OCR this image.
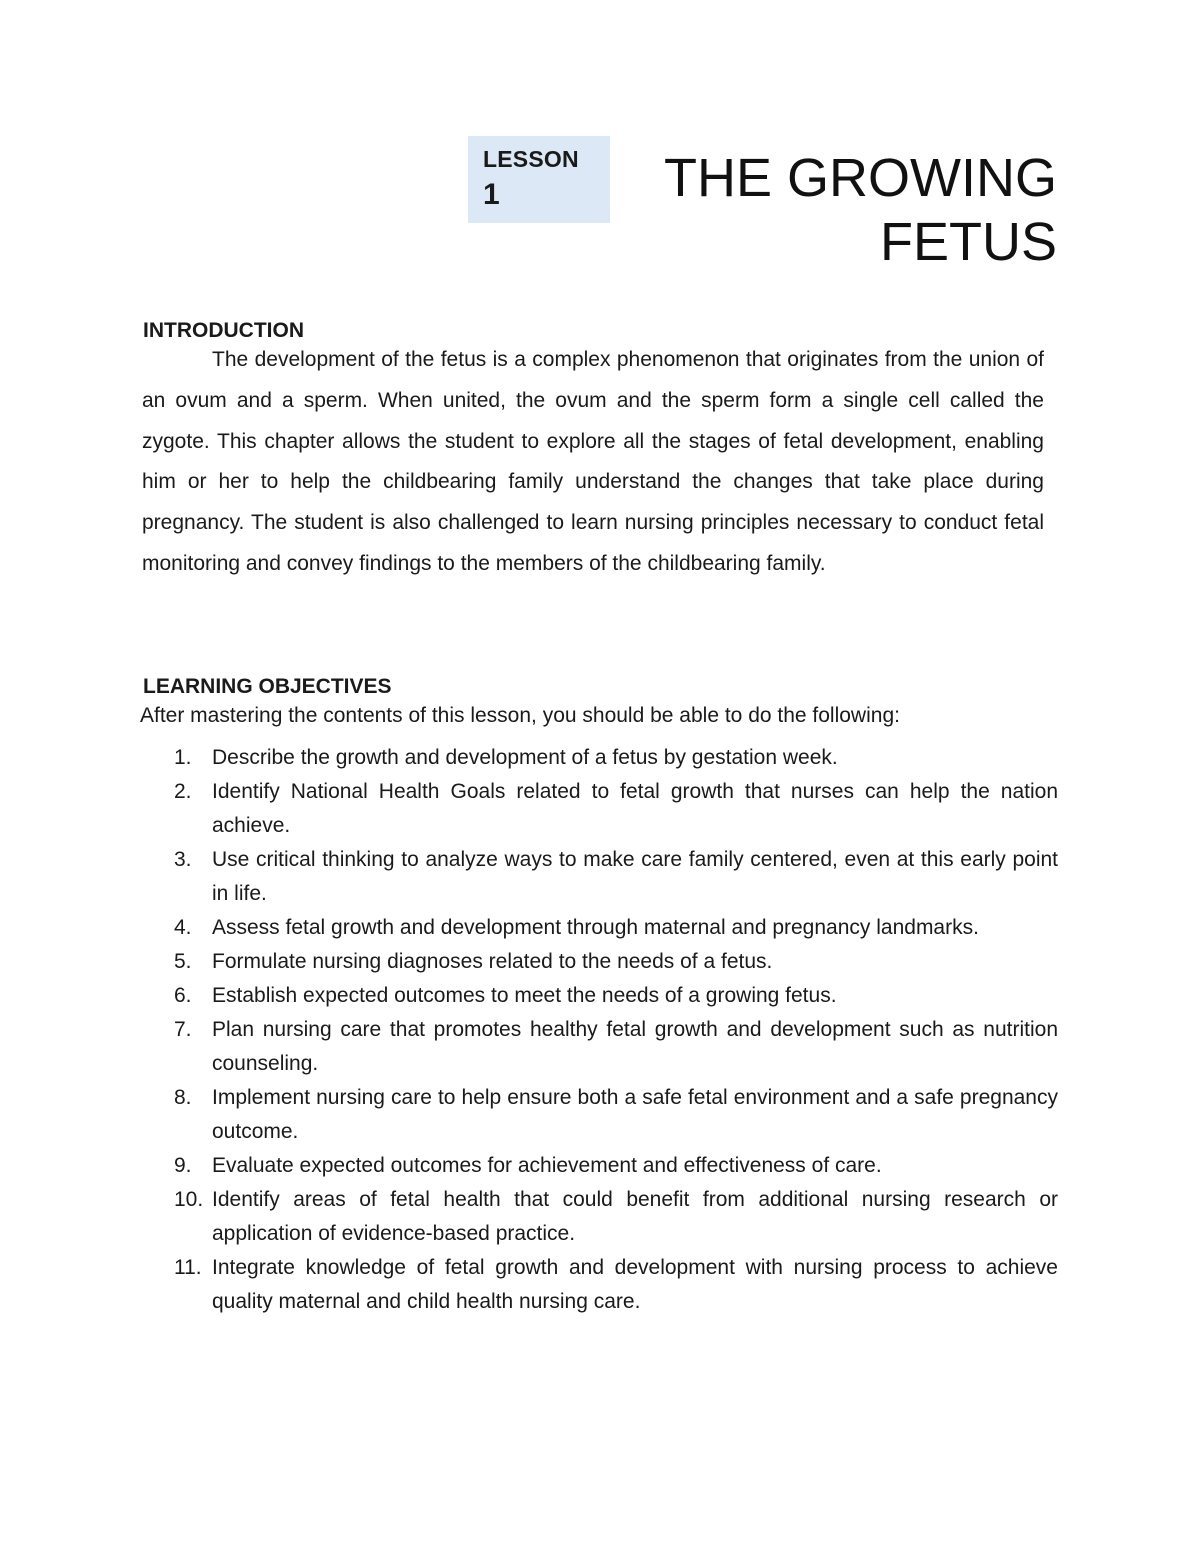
LESSON
1	THE GROWING
FETUS
INTRODUCTION

The development of the fetus is a complex phenomenon that originates from the union of an ovum and a sperm. When united, the ovum and the sperm form a single cell called the zygote. This chapter allows the student to explore all the stages of fetal development, enabling him or her to help the childbearing family understand the changes that take place during pregnancy. The student is also challenged to learn nursing principles necessary to conduct fetal monitoring and convey findings to the members of the childbearing family.

LEARNING OBJECTIVES

After mastering the contents of this lesson, you should be able to do the following:

1. Describe the growth and development of a fetus by gestation week.
2. Identify National Health Goals related to fetal growth that nurses can help the nation achieve.
3. Use critical thinking to analyze ways to make care family centered, even at this early point in life.
4. Assess fetal growth and development through maternal and pregnancy landmarks.
5. Formulate nursing diagnoses related to the needs of a fetus.
6. Establish expected outcomes to meet the needs of a growing fetus.
7. Plan nursing care that promotes healthy fetal growth and development such as nutrition counseling.
8. Implement nursing care to help ensure both a safe fetal environment and a safe pregnancy outcome.
9. Evaluate expected outcomes for achievement and effectiveness of care.
10. Identify areas of fetal health that could benefit from additional nursing research or application of evidence-based practice.
11. Integrate knowledge of fetal growth and development with nursing process to achieve quality maternal and child health nursing care.
